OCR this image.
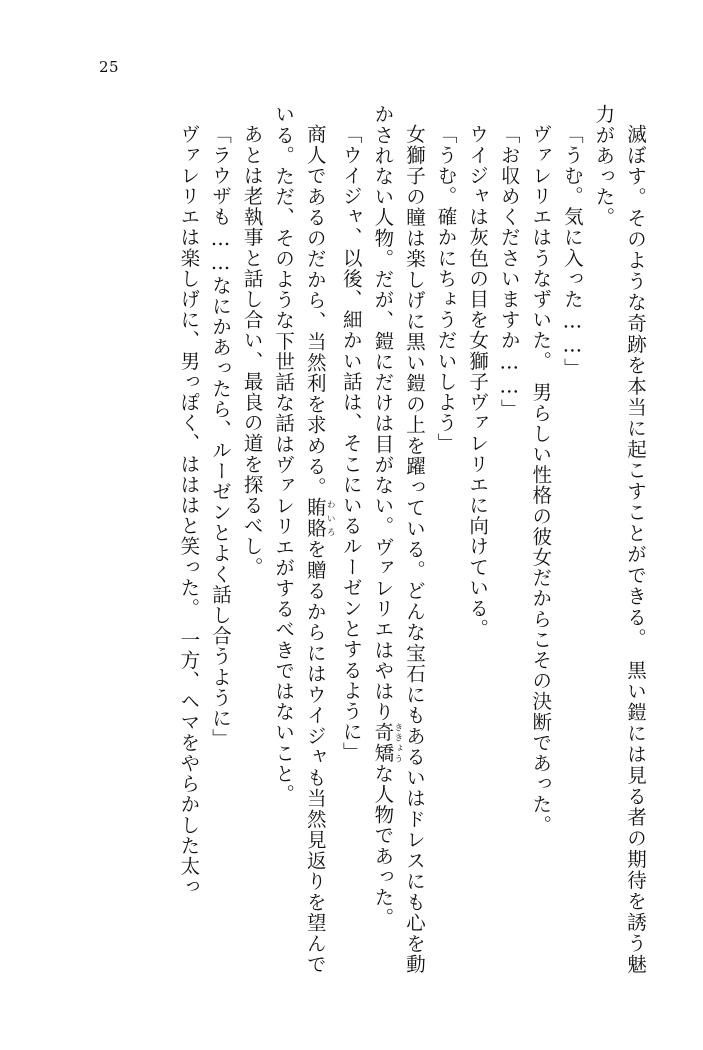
25

滅ぼす。そのような奇跡を本当に起こすことができる。　黒い鎧には見る者の期待を誘う魅力があった。

「うむ。気に入った……」

ヴァレリエはうなずいた。　男らしい性格の彼女だからこその決断であった。

「お収めくださいますか……」

ウイジャは灰色の目を女獅子ヴァレリエに向けている。

「うむ。確かにちょうだいしよう」

女獅子の瞳は楽しげに黒い鎧の上を躍っている。どんな宝石にもあるいはドレスにも心を動かされない人物。だが、鎧にだけは目がない。ヴァレリエはやはり奇矯ききょうな人物であった。

「ウイジャ、以後、細かい話は、そこにいるルーゼンとするように」

商人であるのだから、当然利を求める。賄賂わいろを贈るからにはウイジャも当然見返りを望んでいる。ただ、そのような下世話な話はヴァレリエがするべきではないこと。

あとは老執事と話し合い、最良の道を探るべし。

「ラウザも……なにかあったら、ルーゼンとよく話し合うように」

ヴァレリエは楽しげに、男っぽく、はははと笑った。　一方、ヘマをやらかした太っ
